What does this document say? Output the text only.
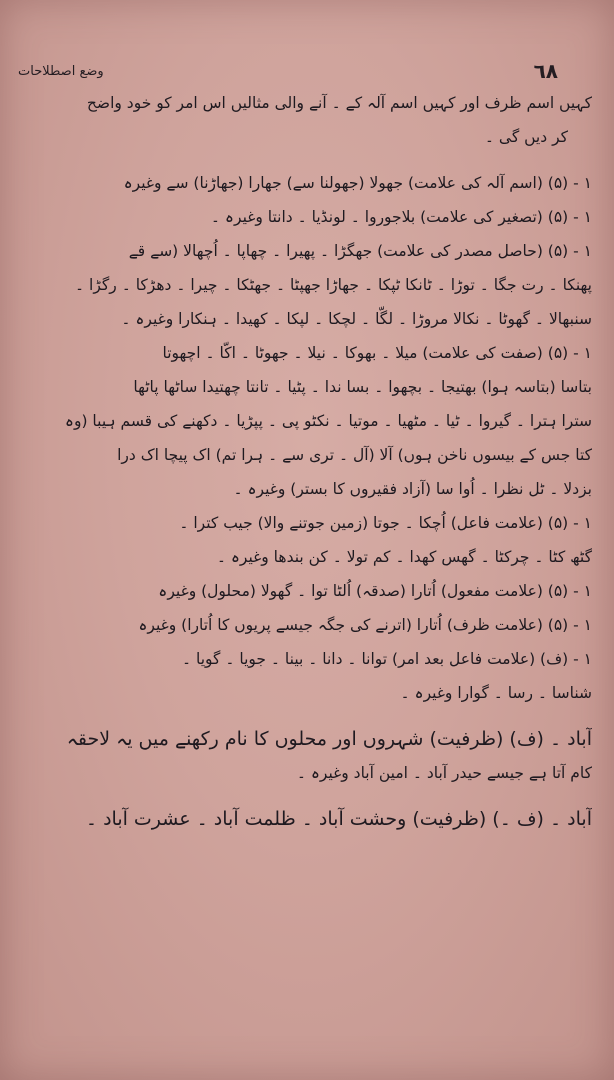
وضع اصطلاحات	٦٨
کہیں اسم ظرف اور کہیں اسم آلہ کے ۔ آنے والی مثالیں اس امر کو خود واضح
کر دیں گی ۔
۱ - (۵) (اسم آلہ کی علامت) جھولا (جھولنا سے) جھارا (جھاڑنا) سے وغیرہ
۱ - (۵) (تصغیر کی علامت) بلاجوروا ۔ لونڈیا ۔ دانتا وغیرہ ۔
۱ - (۵) (حاصل مصدر کی علامت) جھگڑا ۔ پھیرا ۔ چھاپا ۔ اُچھالا (سے قے
پھنکا ۔ رت جگا ۔ توڑا ۔ ٹانکا ٹپکا ۔ جھاڑا جھپٹا ۔ جھٹکا ۔ چیرا ۔ دھڑکا ۔ رگڑا ۔
سنبھالا ۔ گھوٹا ۔ نکالا مروڑا ۔ لگّا ۔ لچکا ۔ لپکا ۔ کھیدا ۔ ہنکارا وغیرہ ۔
۱ - (۵) (صفت کی علامت) میلا ۔ بھوکا ۔ نیلا ۔ جھوٹا ۔ اکّا ۔ اچھوتا
بتاسا (بتاسہ ہوا) بھتیجا ۔ بچھوا ۔ بسا ندا ۔ پٹیا ۔ تانتا چھتیدا ساٹھا پاٹھا
سترا ہترا ۔ گیروا ۔ ٹیا ۔ مٹھیا ۔ موتیا ۔ نکٹو پی ۔ پپڑیا ۔ دکھنے کی قسم ہیبا (وہ
کتا جس کے بیسوں ناخن ہوں) آلا (آل ۔ تری سے ۔ ہرا تم) اک پیچا اک درا
بزدلا ۔ ٹل نظرا ۔ اُوا سا (آزاد فقیروں کا بستر) وغیرہ ۔
۱ - (۵) (علامت فاعل) اُچکا ۔ جوتا (زمین جوتنے والا) جیب کترا ۔
گٹھ کٹا ۔ چرکٹا ۔ گھس کھدا ۔ کم تولا ۔ کن بندھا وغیرہ ۔
۱ - (۵) (علامت مفعول) اُتارا (صدقہ) اُلٹا توا ۔ گھولا (محلول) وغیرہ
۱ - (۵) (علامت ظرف) اُتارا (اترنے کی جگہ جیسے پریوں کا اُتارا) وغیرہ
۱ - (ف) (علامت فاعل بعد امر) توانا ۔ دانا ۔ بینا ۔ جویا ۔ گویا ۔
شناسا ۔ رسا ۔ گوارا وغیرہ ۔
آباد ۔ (ف) (ظرفیت) شہروں اور محلوں کا نام رکھنے میں یہ لاحقہ
کام آتا ہے جیسے حیدر آباد ۔ امین آباد وغیرہ ۔
آباد ۔ (ف ۔) (ظرفیت) وحشت آباد ۔ ظلمت آباد ۔ عشرت آباد ۔
